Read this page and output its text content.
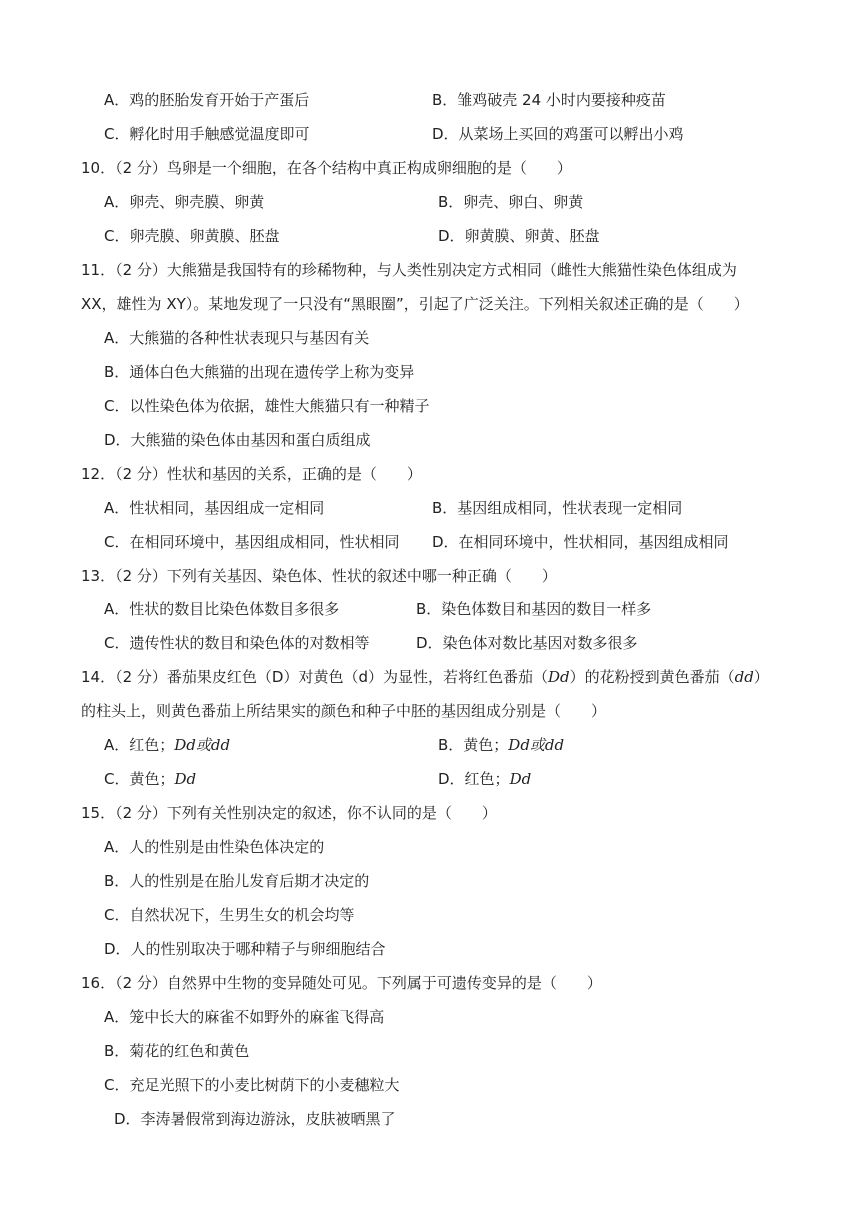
A．鸡的胚胎发育开始于产蛋后	B．雏鸡破壳 24 小时内要接种疫苗
C．孵化时用手触感觉温度即可	D．从菜场上买回的鸡蛋可以孵出小鸡
10．（2 分）鸟卵是一个细胞，在各个结构中真正构成卵细胞的是（　　）
A．卵壳、卵壳膜、卵黄	B．卵壳、卵白、卵黄
C．卵壳膜、卵黄膜、胚盘	D．卵黄膜、卵黄、胚盘
11．（2 分）大熊猫是我国特有的珍稀物种，与人类性别决定方式相同（雌性大熊猫性染色体组成为
XX，雄性为 XY）。某地发现了一只没有“黑眼圈”，引起了广泛关注。下列相关叙述正确的是（　　）
A．大熊猫的各种性状表现只与基因有关
B．通体白色大熊猫的出现在遗传学上称为变异
C．以性染色体为依据，雄性大熊猫只有一种精子
D．大熊猫的染色体由基因和蛋白质组成
12．（2 分）性状和基因的关系，正确的是（　　）
A．性状相同，基因组成一定相同	B．基因组成相同，性状表现一定相同
C．在相同环境中，基因组成相同，性状相同 D．在相同环境中，性状相同，基因组成相同
13．（2 分）下列有关基因、染色体、性状的叙述中哪一种正确（　　）
A．性状的数目比染色体数目多很多	B．染色体数目和基因的数目一样多
C．遗传性状的数目和染色体的对数相等	D．染色体对数比基因对数多很多
14．（2 分）番茄果皮红色（D）对黄色（d）为显性，若将红色番茄（Dd）的花粉授到黄色番茄（dd）
的柱头上，则黄色番茄上所结果实的颜色和种子中胚的基因组成分别是（　　）
A．红色；Dd或dd	B．黄色；Dd或dd
C．黄色；Dd	D．红色；Dd
15．（2 分）下列有关性别决定的叙述，你不认同的是（　　）
A．人的性别是由性染色体决定的
B．人的性别是在胎儿发育后期才决定的
C．自然状况下，生男生女的机会均等
D．人的性别取决于哪种精子与卵细胞结合
16．（2 分）自然界中生物的变异随处可见。下列属于可遗传变异的是（　　）
A．笼中长大的麻雀不如野外的麻雀飞得高
B．菊花的红色和黄色
C．充足光照下的小麦比树荫下的小麦穗粒大
D．李涛暑假常到海边游泳，皮肤被晒黑了
